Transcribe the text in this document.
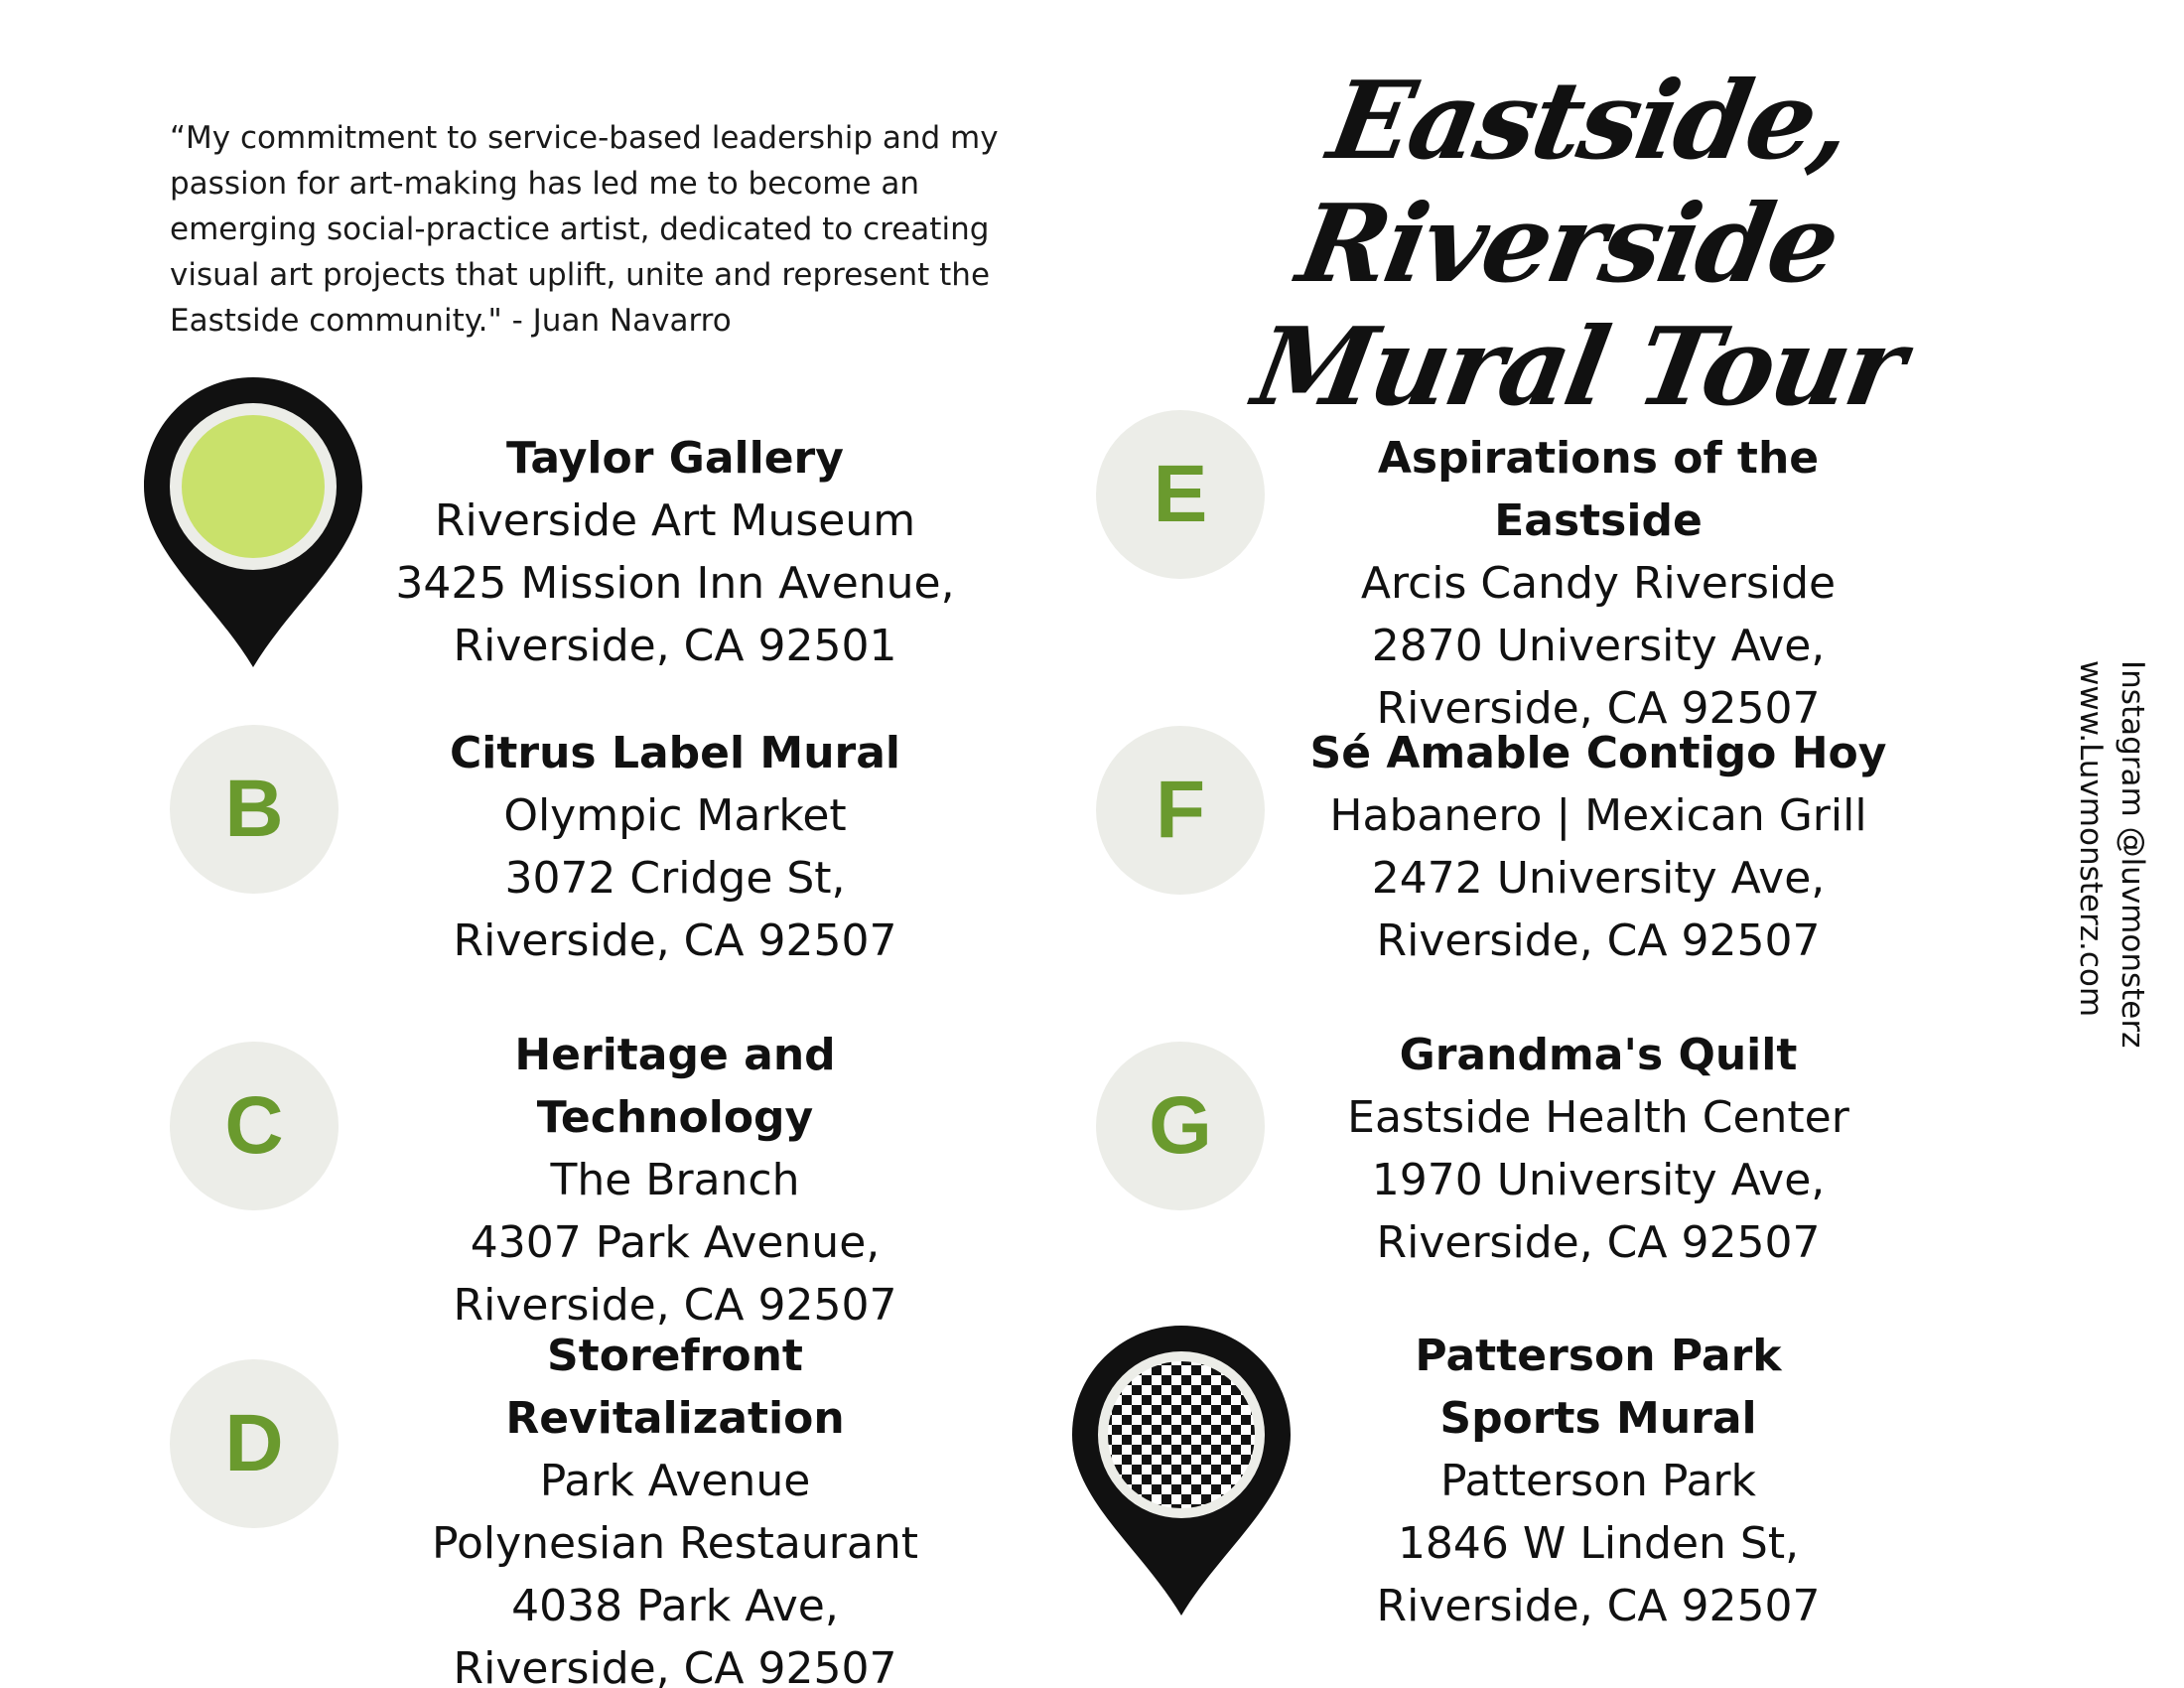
“My commitment to service-based leadership and my passion for art-making has led me to become an emerging social-practice artist, dedicated to creating visual art projects that uplift, unite and represent the Eastside community." - Juan Navarro

Eastside, Riverside
Mural Tour
Taylor Gallery
Riverside Art Museum
3425 Mission Inn Avenue,
Riverside, CA 92501
B
Citrus Label Mural
Olympic Market
3072 Cridge St,
Riverside, CA 92507
C
Heritage and Technology
The Branch
4307 Park Avenue,
Riverside, CA 92507
D
Storefront Revitalization
Park Avenue
Polynesian Restaurant
4038 Park Ave,
Riverside, CA 92507
E	Aspirations of the Eastside
Arcis Candy Riverside
2870 University Ave,
Riverside, CA 92507
F
Sé Amable Contigo Hoy
Habanero | Mexican Grill
2472 University Ave,
Riverside, CA 92507
G
Grandma's Quilt
Eastside Health Center
1970 University Ave,
Riverside, CA 92507
Patterson Park
Sports Mural
Patterson Park
1846 W Linden St,
Riverside, CA 92507
Instagram @luvmonsterz
www.Luvmonsterz.com
